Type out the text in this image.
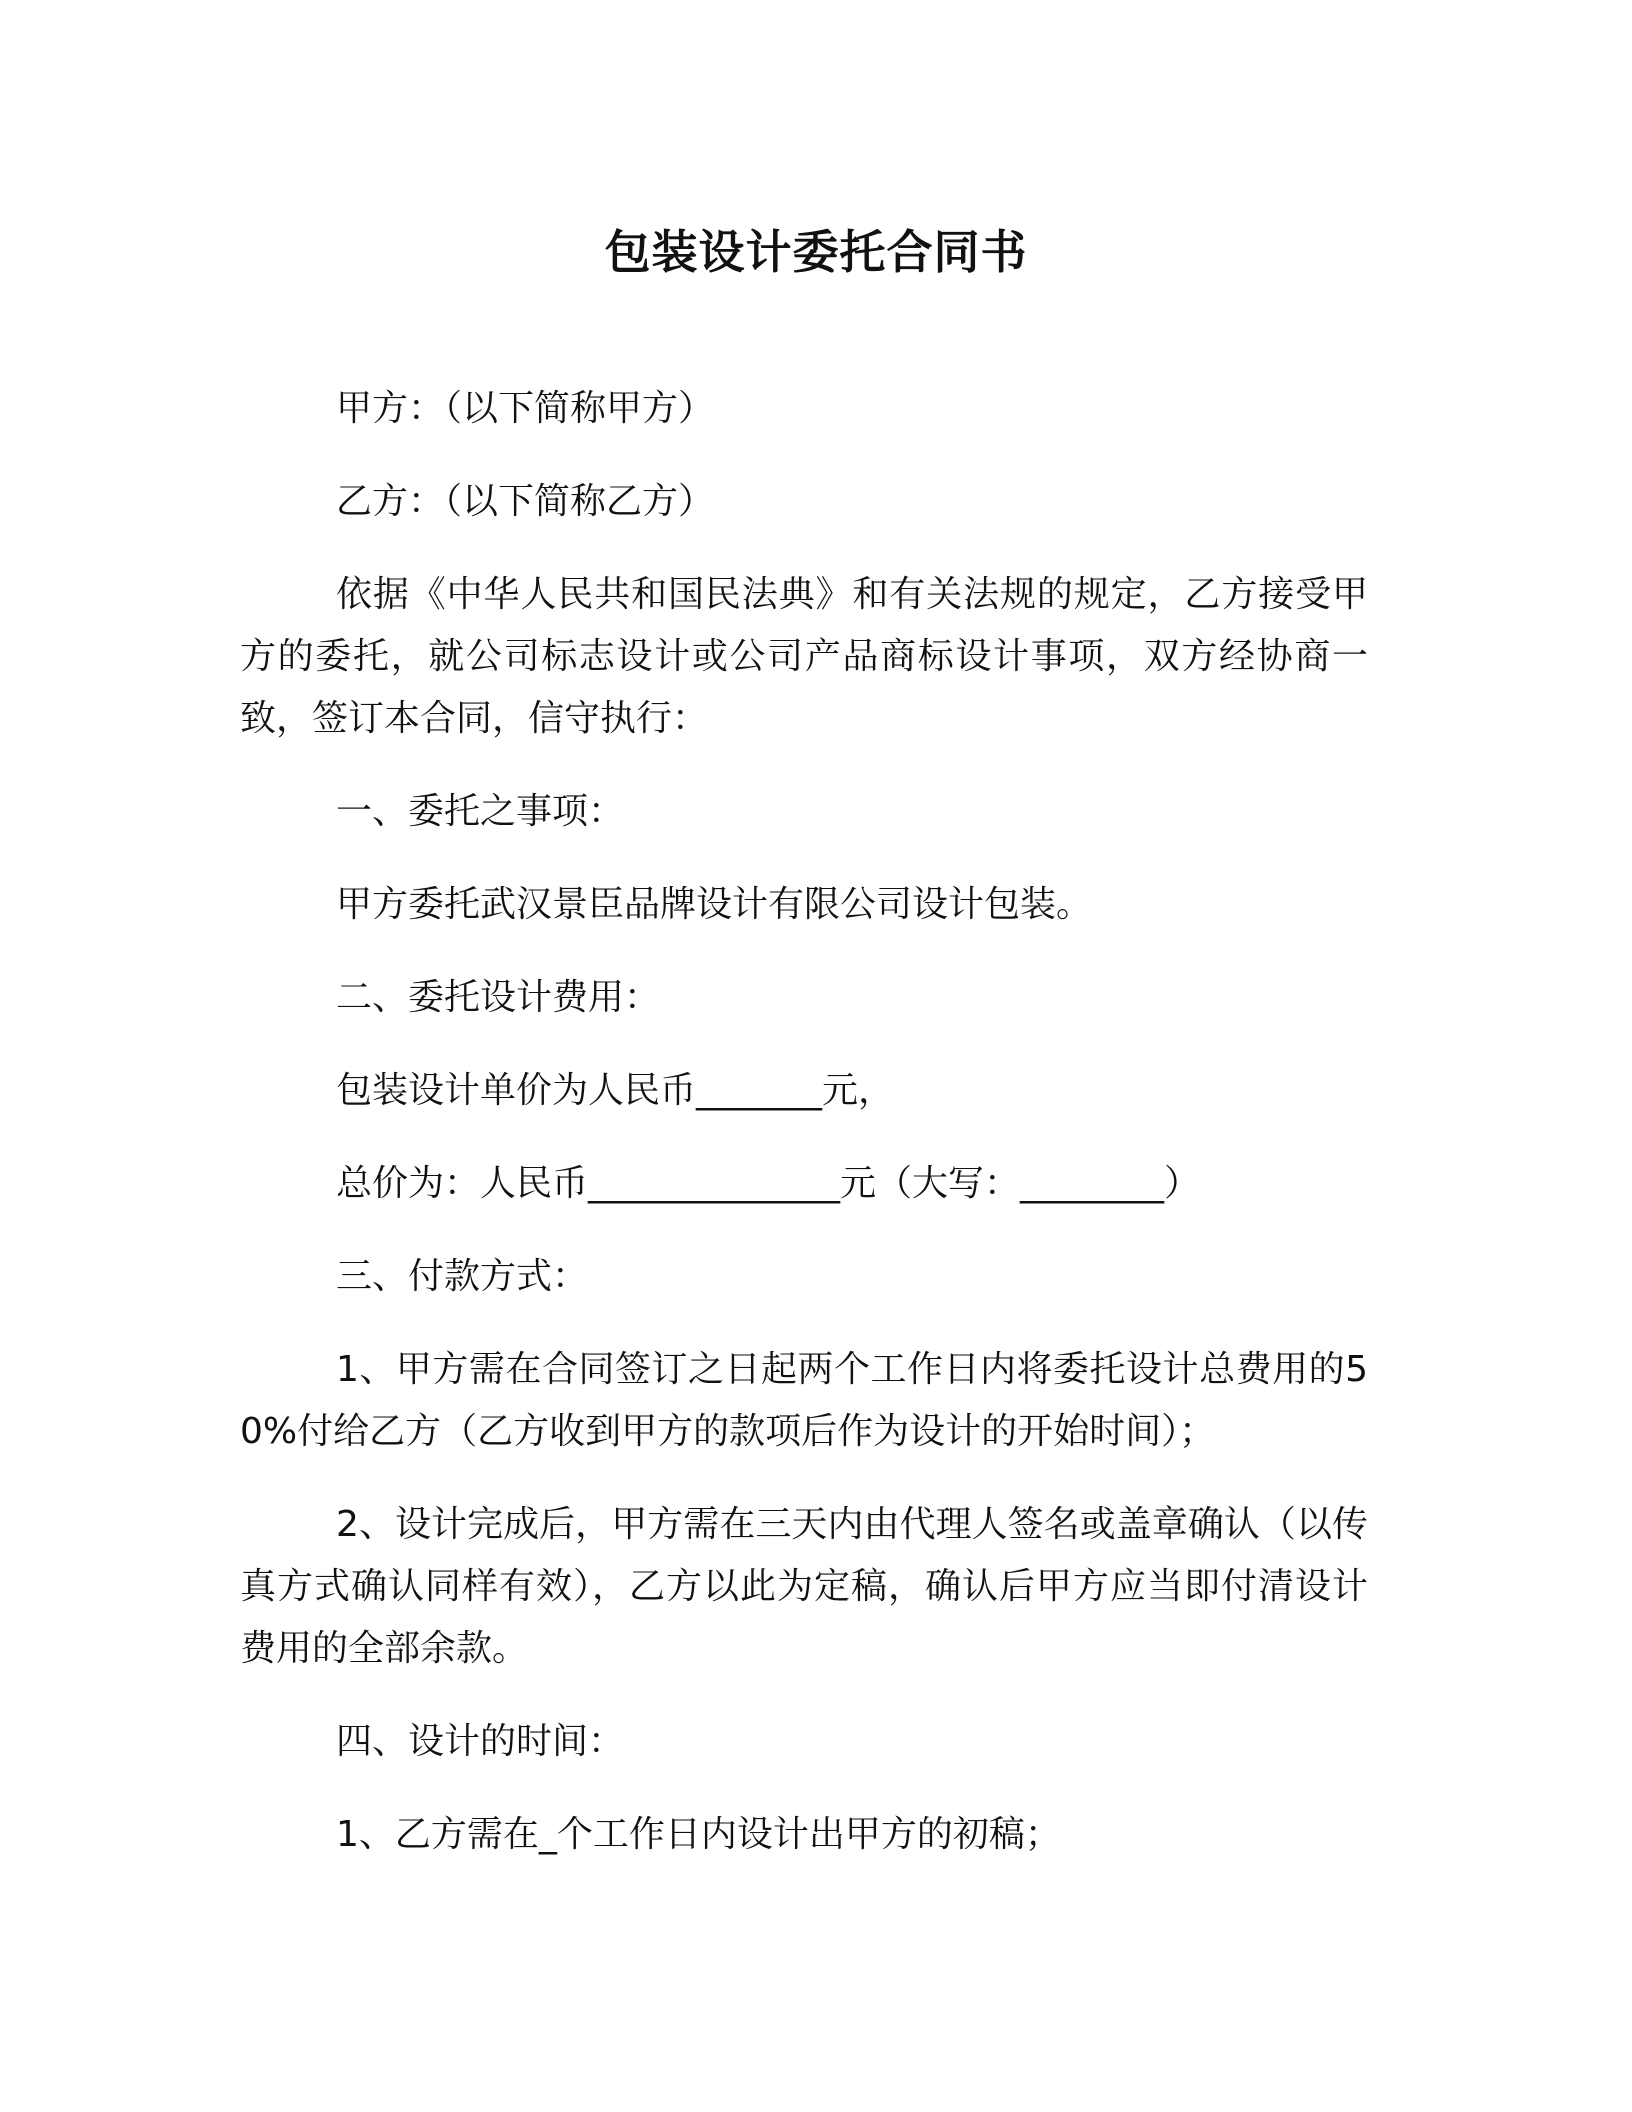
包装设计委托合同书

甲方：（以下简称甲方）

乙方：（以下简称乙方）

依据《中华人民共和国民法典》和有关法规的规定，乙方接受甲方的委托，就公司标志设计或公司产品商标设计事项，双方经协商一致，签订本合同，信守执行：

一、委托之事项：

甲方委托武汉景臣品牌设计有限公司设计包装。

二、委托设计费用：

包装设计单价为人民币_______元，

总价为：人民币______________元（大写：________）

三、付款方式：

1、甲方需在合同签订之日起两个工作日内将委托设计总费用的50%付给乙方（乙方收到甲方的款项后作为设计的开始时间）；

2、设计完成后，甲方需在三天内由代理人签名或盖章确认（以传真方式确认同样有效），乙方以此为定稿，确认后甲方应当即付清设计费用的全部余款。

四、设计的时间：

1、乙方需在_个工作日内设计出甲方的初稿；
